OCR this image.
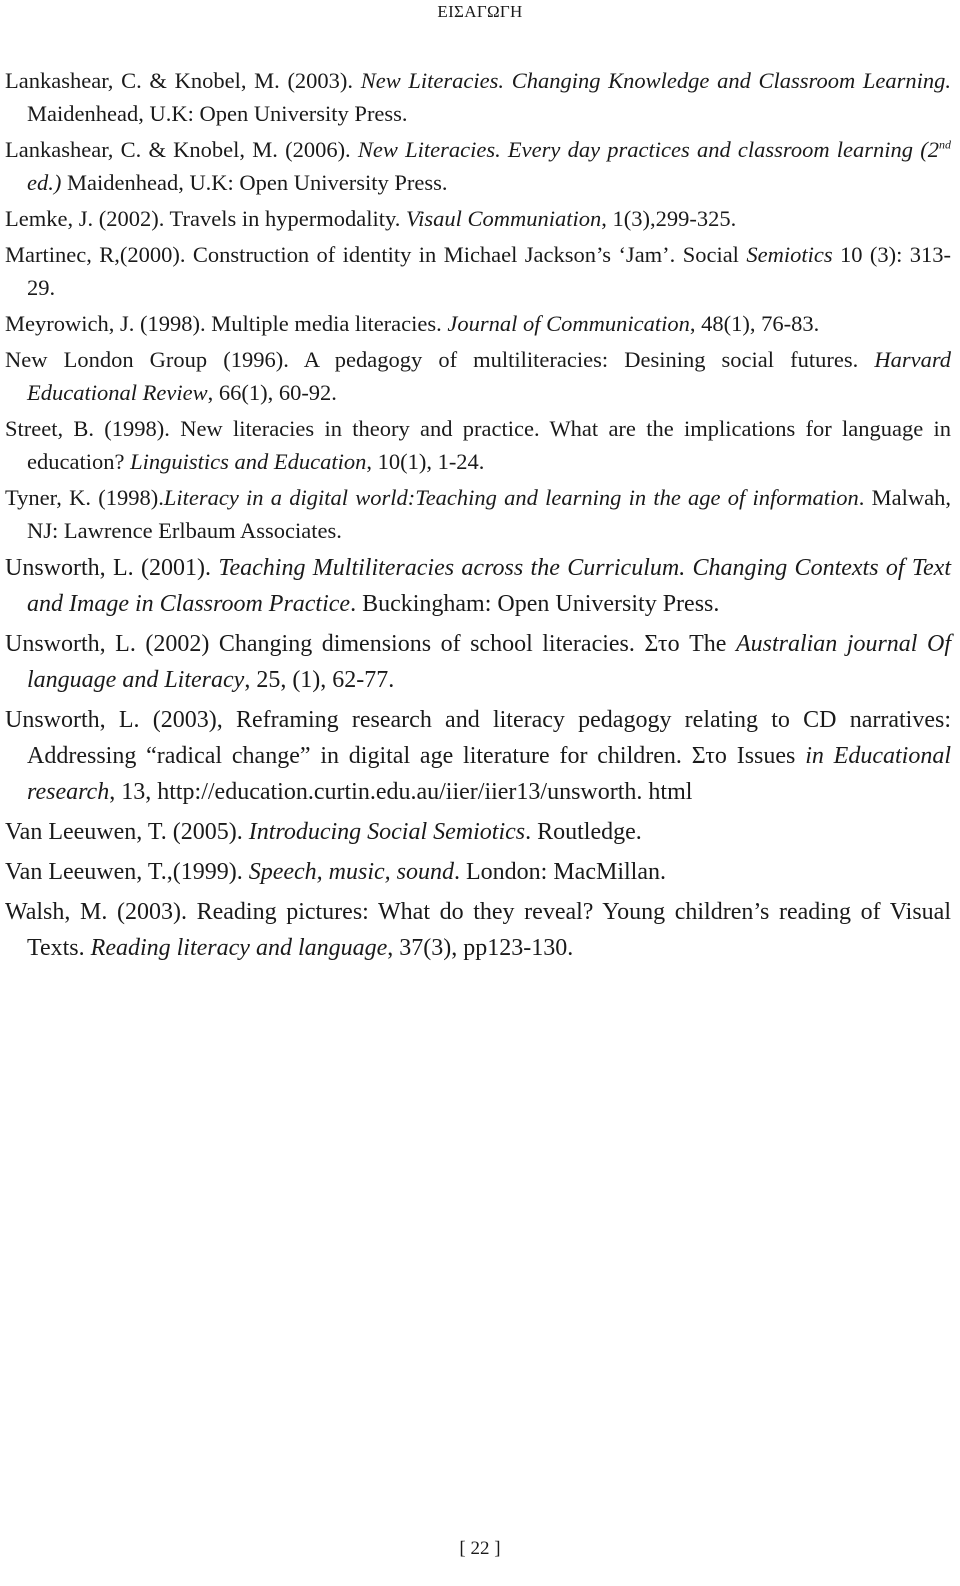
ΕΙΣΑΓΩΓΗ
Lankashear, C. & Knobel, M. (2003). New Literacies. Changing Knowledge and Classroom Learning. Maidenhead, U.K: Open University Press.
Lankashear, C. & Knobel, M. (2006). New Literacies. Every day practices and classroom learning (2nd ed.) Maidenhead, U.K: Open University Press.
Lemke, J. (2002). Travels in hypermodality. Visaul Communiation, 1(3),299-325.
Martinec, R,(2000). Construction of identity in Michael Jackson’s ‘Jam’. Social Semiotics 10 (3): 313-29.
Meyrowich, J. (1998). Multiple media literacies. Journal of Communication, 48(1), 76-83.
New London Group (1996). A pedagogy of multiliteracies: Desining social futures. Harvard Educational Review, 66(1), 60-92.
Street, B. (1998). New literacies in theory and practice. What are the implications for language in education? Linguistics and Education, 10(1), 1-24.
Tyner, K. (1998).Literacy in a digital world:Teaching and learning in the age of information. Malwah, NJ: Lawrence Erlbaum Associates.
Unsworth, L. (2001). Teaching Multiliteracies across the Curriculum. Changing Contexts of Text and Image in Classroom Practice. Buckingham: Open University Press.
Unsworth, L. (2002) Changing dimensions of school literacies. Στο The Australian journal Of language and Literacy, 25, (1), 62-77.
Unsworth, L. (2003), Reframing research and literacy pedagogy relating to CD narratives: Addressing “radical change” in digital age literature for children. Στο Issues in Educational research, 13, http://education.curtin.edu.au/iier/iier13/unsworth. html
Van Leeuwen, T. (2005). Introducing Social Semiotics. Routledge.
Van Leeuwen, T.,(1999). Speech, music, sound. London: MacMillan.
Walsh, M. (2003). Reading pictures: What do they reveal? Young children’s reading of Visual Texts. Reading literacy and language, 37(3), pp123-130.
[ 22 ]
